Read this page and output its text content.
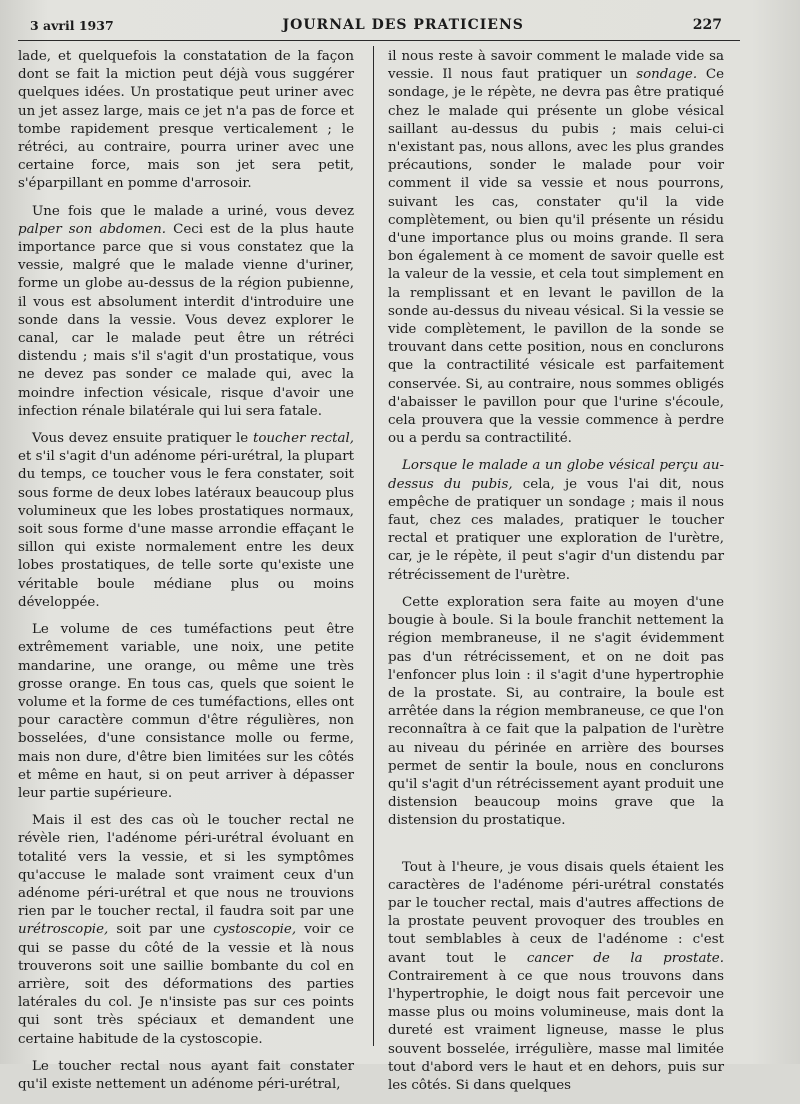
3 avril 1937	JOURNAL DES PRATICIENS	227

lade, et quelquefois la constatation de la façon dont se fait la miction peut déjà vous suggérer quelques idées. Un prostatique peut uriner avec un jet assez large, mais ce jet n'a pas de force et tombe rapidement presque verticalement ; le rétréci, au contraire, pourra uriner avec une certaine force, mais son jet sera petit, s'éparpillant en pomme d'arrosoir.

Une fois que le malade a uriné, vous devez palper son abdomen. Ceci est de la plus haute importance parce que si vous constatez que la vessie, malgré que le malade vienne d'uriner, forme un globe au-dessus de la région pubienne, il vous est absolument interdit d'introduire une sonde dans la vessie. Vous devez explorer le canal, car le malade peut être un rétréci distendu ; mais s'il s'agit d'un prostatique, vous ne devez pas sonder ce malade qui, avec la moindre infection vésicale, risque d'avoir une infection rénale bilatérale qui lui sera fatale.

Vous devez ensuite pratiquer le toucher rectal, et s'il s'agit d'un adénome péri-urétral, la plupart du temps, ce toucher vous le fera constater, soit sous forme de deux lobes latéraux beaucoup plus volumineux que les lobes prostatiques normaux, soit sous forme d'une masse arrondie effaçant le sillon qui existe normalement entre les deux lobes prostatiques, de telle sorte qu'existe une véritable boule médiane plus ou moins développée.

Le volume de ces tuméfactions peut être extrêmement variable, une noix, une petite mandarine, une orange, ou même une très grosse orange. En tous cas, quels que soient le volume et la forme de ces tuméfactions, elles ont pour caractère commun d'être régulières, non bosselées, d'une consistance molle ou ferme, mais non dure, d'être bien limitées sur les côtés et même en haut, si on peut arriver à dépasser leur partie supérieure.

Mais il est des cas où le toucher rectal ne révèle rien, l'adénome péri-urétral évoluant en totalité vers la vessie, et si les symptômes qu'accuse le malade sont vraiment ceux d'un adénome péri-urétral et que nous ne trouvions rien par le toucher rectal, il faudra soit par une urétroscopie, soit par une cystoscopie, voir ce qui se passe du côté de la vessie et là nous trouverons soit une saillie bombante du col en arrière, soit des déformations des parties latérales du col. Je n'insiste pas sur ces points qui sont très spéciaux et demandent une certaine habitude de la cystoscopie.

Le toucher rectal nous ayant fait constater qu'il existe nettement un adénome péri-urétral,

il nous reste à savoir comment le malade vide sa vessie. Il nous faut pratiquer un sondage. Ce sondage, je le répète, ne devra pas être pratiqué chez le malade qui présente un globe vésical saillant au-dessus du pubis ; mais celui-ci n'existant pas, nous allons, avec les plus grandes précautions, sonder le malade pour voir comment il vide sa vessie et nous pourrons, suivant les cas, constater qu'il la vide complètement, ou bien qu'il présente un résidu d'une importance plus ou moins grande. Il sera bon également à ce moment de savoir quelle est la valeur de la vessie, et cela tout simplement en la remplissant et en levant le pavillon de la sonde au-dessus du niveau vésical. Si la vessie se vide complètement, le pavillon de la sonde se trouvant dans cette position, nous en conclurons que la contractilité vésicale est parfaitement conservée. Si, au contraire, nous sommes obligés d'abaisser le pavillon pour que l'urine s'écoule, cela prouvera que la vessie commence à perdre ou a perdu sa contractilité.

Lorsque le malade a un globe vésical perçu au-dessus du pubis, cela, je vous l'ai dit, nous empêche de pratiquer un sondage ; mais il nous faut, chez ces malades, pratiquer le toucher rectal et pratiquer une exploration de l'urètre, car, je le répète, il peut s'agir d'un distendu par rétrécissement de l'urètre.

Cette exploration sera faite au moyen d'une bougie à boule. Si la boule franchit nettement la région membraneuse, il ne s'agit évidemment pas d'un rétrécissement, et on ne doit pas l'enfoncer plus loin : il s'agit d'une hypertrophie de la prostate. Si, au contraire, la boule est arrêtée dans la région membraneuse, ce que l'on reconnaîtra à ce fait que la palpation de l'urètre au niveau du périnée en arrière des bourses permet de sentir la boule, nous en conclurons qu'il s'agit d'un rétrécissement ayant produit une distension beaucoup moins grave que la distension du prostatique.

Tout à l'heure, je vous disais quels étaient les caractères de l'adénome péri-urétral constatés par le toucher rectal, mais d'autres affections de la prostate peuvent provoquer des troubles en tout semblables à ceux de l'adénome : c'est avant tout le cancer de la prostate. Contrairement à ce que nous trouvons dans l'hypertrophie, le doigt nous fait percevoir une masse plus ou moins volumineuse, mais dont la dureté est vraiment ligneuse, masse le plus souvent bosselée, irrégulière, masse mal limitée tout d'abord vers le haut et en dehors, puis sur les côtés. Si dans quelques
